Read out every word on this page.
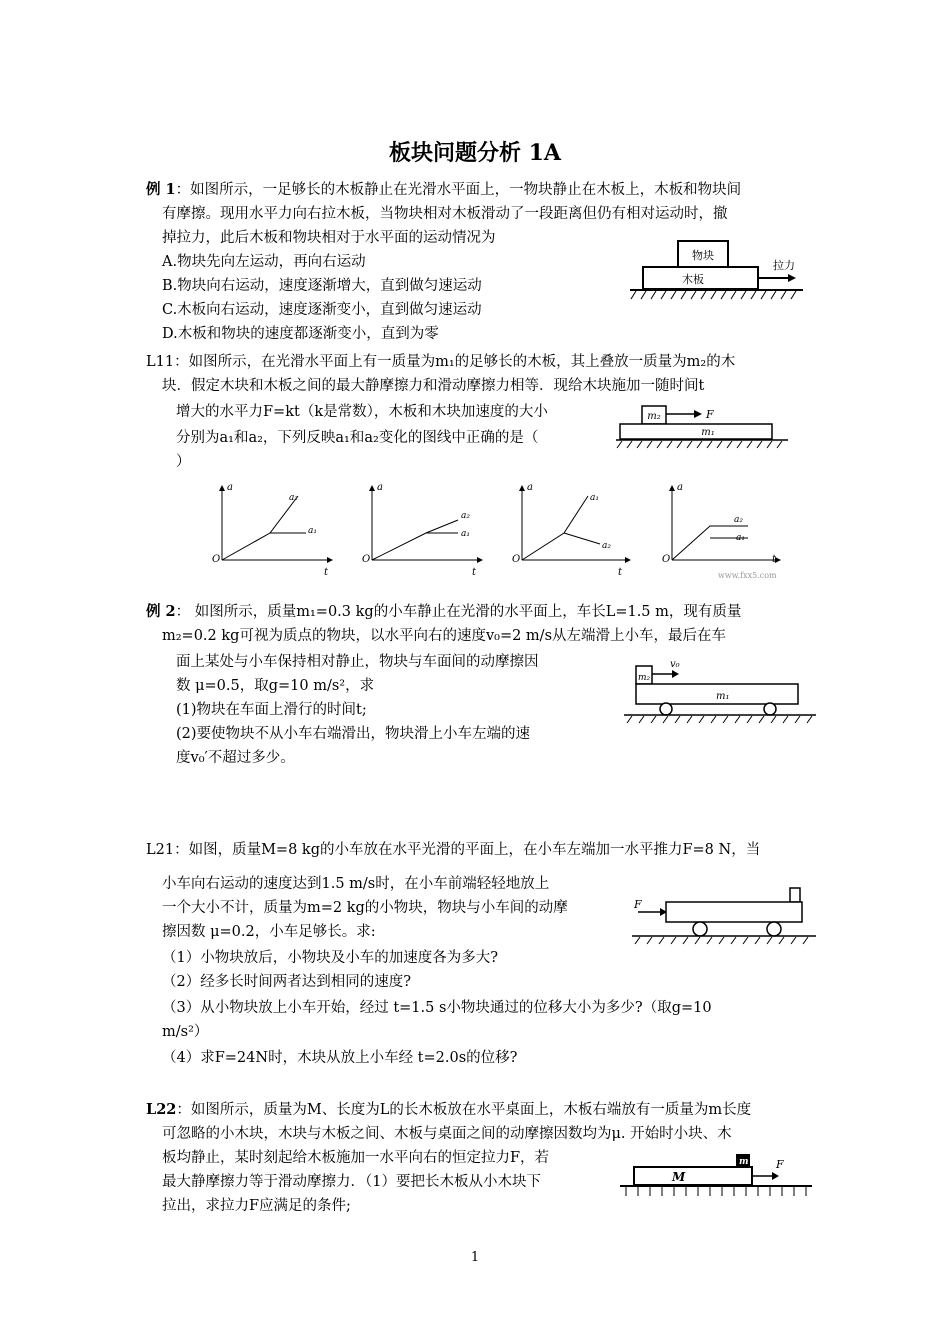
板块问题分析 1A
例 1：如图所示，一足够长的木板静止在光滑水平面上，一物块静止在木板上，木板和物块间
有摩擦。现用水平力向右拉木板，当物块相对木板滑动了一段距离但仍有相对运动时，撤
掉拉力，此后木板和物块相对于水平面的运动情况为
A.物块先向左运动，再向右运动
B.物块向右运动，速度逐渐增大，直到做匀速运动
C.木板向右运动，速度逐渐变小，直到做匀速运动
D.木板和物块的速度都逐渐变小，直到为零
物块
木板
拉力
L11：如图所示，在光滑水平面上有一质量为m₁的足够长的木板，其上叠放一质量为m₂的木
块．假定木块和木板之间的最大静摩擦力和滑动摩擦力相等．现给木块施加一随时间t
增大的水平力F=kt（k是常数），木板和木块加速度的大小
分别为a₁和a₂，下列反映a₁和a₂变化的图线中正确的是（
）
m₂	F
m₁
a
O
t
a₂
a₁
a
O
t
a₂
a₁
a
O
t
a₁
a₂
a
O	t
a₂
a₁
www.fxx5.com
例 2： 如图所示，质量m₁=0.3 kg的小车静止在光滑的水平面上，车长L=1.5 m，现有质量
m₂=0.2 kg可视为质点的物块，以水平向右的速度v₀=2 m/s从左端滑上小车，最后在车
面上某处与小车保持相对静止，物块与车面间的动摩擦因
数 μ=0.5，取g=10 m/s²，求
(1)物块在车面上滑行的时间t;
(2)要使物块不从小车右端滑出，物块滑上小车左端的速
度v₀′不超过多少。
m₂
v₀
m₁
L21：如图，质量M=8 kg的小车放在水平光滑的平面上，在小车左端加一水平推力F=8 N，当
小车向右运动的速度达到1.5 m/s时，在小车前端轻轻地放上
一个大小不计，质量为m=2 kg的小物块，物块与小车间的动摩
擦因数 μ=0.2，小车足够长。求:
（1）小物块放后，小物块及小车的加速度各为多大?
（2）经多长时间两者达到相同的速度?
（3）从小物块放上小车开始，经过 t=1.5 s小物块通过的位移大小为多少?（取g=10
m/s²）
（4）求F=24N时，木块从放上小车经 t=2.0s的位移?
F
L22：如图所示，质量为M、长度为L的长木板放在水平桌面上，木板右端放有一质量为m长度
可忽略的小木块，木块与木板之间、木板与桌面之间的动摩擦因数均为μ. 开始时小块、木
板均静止，某时刻起给木板施加一水平向右的恒定拉力F，若
最大静摩擦力等于滑动摩擦力．（1）要把长木板从小木块下
拉出，求拉力F应满足的条件;
m
M
F
1
